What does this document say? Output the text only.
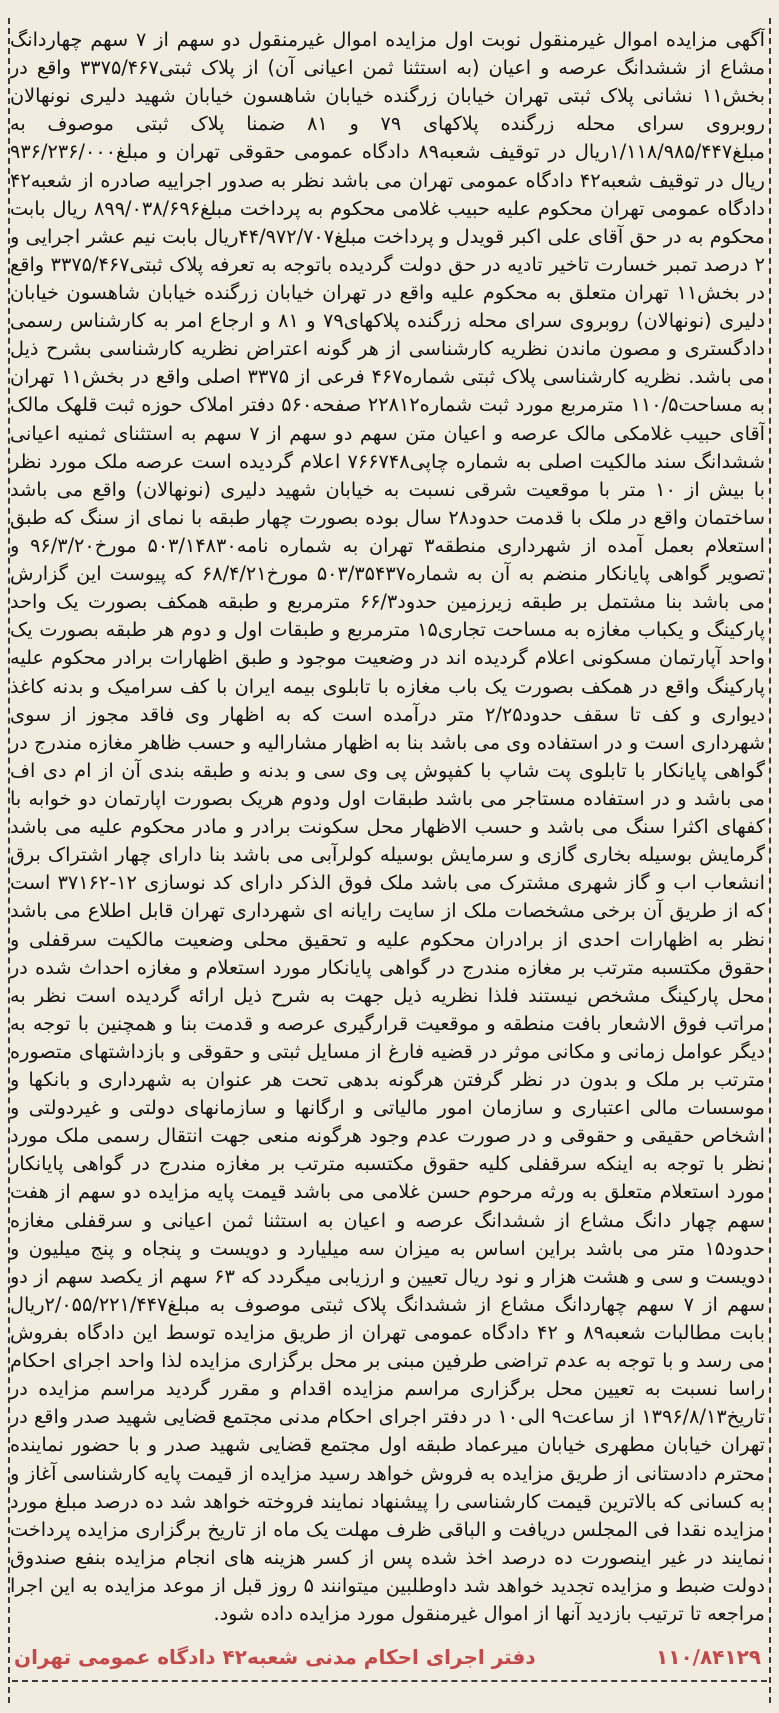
آگهی مزایده اموال غیرمنقول نوبت اول مزایده اموال غیرمنقول دو سهم از ۷ سهم چهاردانگ مشاع از ششدانگ عرصه و اعیان (به استثنا ثمن اعیانی آن) از پلاک ثبتی۳۳۷۵/۴۶۷ واقع در بخش۱۱ نشانی پلاک ثبتی تهران خیابان زرگنده خیابان شاهسون خیابان شهید دلیری نونهالان روبروی سرای محله زرگنده پلاکهای ۷۹ و ۸۱ ضمنا پلاک ثبتی موصوف به مبلغ۱/۱۱۸/۹۸۵/۴۴۷ریال در توقیف شعبه۸۹ دادگاه عمومی حقوقی تهران و مبلغ۹۳۶/۲۳۶/۰۰۰ ریال در توقیف شعبه۴۲ دادگاه عمومی تهران می باشد نظر به صدور اجراییه صادره از شعبه۴۲ دادگاه عمومی تهران محکوم علیه حبیب غلامی محکوم به پرداخت مبلغ۸۹۹/۰۳۸/۶۹۶ ریال بابت محکوم به در حق آقای علی اکبر قویدل و پرداخت مبلغ۴۴/۹۷۲/۷۰۷ریال بابت نیم عشر اجرایی و ۲ درصد تمبر خسارت تاخیر تادیه در حق دولت گردیده باتوجه به تعرفه پلاک ثبتی۳۳۷۵/۴۶۷ واقع در بخش۱۱ تهران متعلق به محکوم علیه واقع در تهران خیابان زرگنده خیابان شاهسون خیابان دلیری (نونهالان) روبروی سرای محله زرگنده پلاکهای۷۹ و ۸۱ و ارجاع امر به کارشناس رسمی دادگستری و مصون ماندن نظریه کارشناسی از هر گونه اعتراض نظریه کارشناسی بشرح ذیل می باشد. نظریه کارشناسی پلاک ثبتی شماره۴۶۷ فرعی از ۳۳۷۵ اصلی واقع در بخش۱۱ تهران به مساحت۱۱۰/۵ مترمربع مورد ثبت شماره۲۲۸۱۲ صفحه۵۶۰ دفتر املاک حوزه ثبت قلهک مالک آقای حبیب غلامکی مالک عرصه و اعیان متن سهم دو سهم از ۷ سهم به استثنای ثمنیه اعیانی ششدانگ سند مالکیت اصلی به شماره چاپی۷۶۶۷۴۸ اعلام گردیده است عرصه ملک مورد نظر با بیش از ۱۰ متر با موقعیت شرقی نسبت به خیابان شهید دلیری (نونهالان) واقع می باشد ساختمان واقع در ملک با قدمت حدود۲۸ سال بوده بصورت چهار طبقه با نمای از سنگ که طبق استعلام بعمل آمده از شهرداری منطقه۳ تهران به شماره نامه۵۰۳/۱۴۸۳۰ مورخ۹۶/۳/۲۰ و تصویر گواهی پایانکار منضم به آن به شماره۵۰۳/۳۵۴۳۷ مورخ۶۸/۴/۲۱ که پیوست این گزارش می باشد بنا مشتمل بر طبقه زیرزمین حدود۶۶/۳ مترمربع و طبقه همکف بصورت یک واحد پارکینگ و یکباب مغازه به مساحت تجاری۱۵ مترمربع و طبقات اول و دوم هر طبقه بصورت یک واحد آپارتمان مسکونی اعلام گردیده اند در وضعیت موجود و طبق اظهارات برادر محکوم علیه پارکینگ واقع در همکف بصورت یک باب مغازه با تابلوی بیمه ایران با کف سرامیک و بدنه کاغذ دیواری و کف تا سقف حدود۲/۲۵ متر درآمده است که به اظهار وی فاقد مجوز از سوی شهرداری است و در استفاده وی می باشد بنا به اظهار مشارالیه و حسب ظاهر مغازه مندرج در گواهی پایانکار با تابلوی پت شاپ با کفپوش پی وی سی و بدنه و طبقه بندی آن از ام دی اف می باشد و در استفاده مستاجر می باشد طبقات اول ودوم هریک بصورت اپارتمان دو خوابه با کفهای اکثرا سنگ می باشد و حسب الاظهار محل سکونت برادر و مادر محکوم علیه می باشد گرمایش بوسیله بخاری گازی و سرمایش بوسیله کولرآبی می باشد بنا دارای چهار اشتراک برق انشعاب اب و گاز شهری مشترک می باشد ملک فوق الذکر دارای کد نوسازی ۱۲-۳۷۱۶۲ است که از طریق آن برخی مشخصات ملک از سایت رایانه ای شهرداری تهران قابل اطلاع می باشد نظر به اظهارات احدی از برادران محکوم علیه و تحقیق محلی وضعیت مالکیت سرقفلی و حقوق مکتسبه مترتب بر مغازه مندرج در گواهی پایانکار مورد استعلام و مغازه احداث شده در محل پارکینگ مشخص نیستند فلذا نظریه ذیل جهت به شرح ذیل ارائه گردیده است نظر به مراتب فوق الاشعار بافت منطقه و موقعیت قرارگیری عرصه و قدمت بنا و همچنین با توجه به دیگر عوامل زمانی و مکانی موثر در قضیه فارغ از مسایل ثبتی و حقوقی و بازداشتهای متصوره مترتب بر ملک و بدون در نظر گرفتن هرگونه بدهی تحت هر عنوان به شهرداری و بانکها و موسسات مالی اعتباری و سازمان امور مالیاتی و ارگانها و سازمانهای دولتی و غیردولتی و اشخاص حقیقی و حقوقی و در صورت عدم وجود هرگونه منعی جهت انتقال رسمی ملک مورد نظر با توجه به اینکه سرقفلی کلیه حقوق مکتسبه مترتب بر مغازه مندرج در گواهی پایانکار مورد استعلام متعلق به ورثه مرحوم حسن غلامی می باشد قیمت پایه مزایده دو سهم از هفت سهم چهار دانگ مشاع از ششدانگ عرصه و اعیان به استثنا ثمن اعیانی و سرقفلی مغازه حدود۱۵ متر می باشد براین اساس به میزان سه میلیارد و دویست و پنجاه و پنج میلیون و دویست و سی و هشت هزار و نود ریال تعیین و ارزیابی میگردد که ۶۳ سهم از یکصد سهم از دو سهم از ۷ سهم چهاردانگ مشاع از ششدانگ پلاک ثبتی موصوف به مبلغ۲/۰۵۵/۲۲۱/۴۴۷ریال بابت مطالبات شعبه۸۹ و ۴۲ دادگاه عمومی تهران از طریق مزایده توسط این دادگاه بفروش می رسد و با توجه به عدم تراضی طرفین مبنی بر محل برگزاری مزایده لذا واحد اجرای احکام راسا نسبت به تعیین محل برگزاری مراسم مزایده اقدام و مقرر گردید مراسم مزایده در تاریخ۱۳۹۶/۸/۱۳ از ساعت۹ الی۱۰ در دفتر اجرای احکام مدنی مجتمع قضایی شهید صدر واقع در تهران خیابان مطهری خیابان میرعماد طبقه اول مجتمع قضایی شهید صدر و با حضور نماینده محترم دادستانی از طریق مزایده به فروش خواهد رسید مزایده از قیمت پایه کارشناسی آغاز و به کسانی که بالاترین قیمت کارشناسی را پیشنهاد نمایند فروخته خواهد شد ده درصد مبلغ مورد مزایده نقدا فی المجلس دریافت و الباقی ظرف مهلت یک ماه از تاریخ برگزاری مزایده پرداخت نمایند در غیر اینصورت ده درصد اخذ شده پس از کسر هزینه های انجام مزایده بنفع صندوق دولت ضبط و مزایده تجدید خواهد شد داوطلبین میتوانند ۵ روز قبل از موعد مزایده به این اجرا مراجعه تا ترتیب بازدید آنها از اموال غیرمنقول مورد مزایده داده شود.

دفتر اجرای احکام مدنی شعبه۴۲ دادگاه عمومی تهران	۱۱۰/۸۴۱۲۹
